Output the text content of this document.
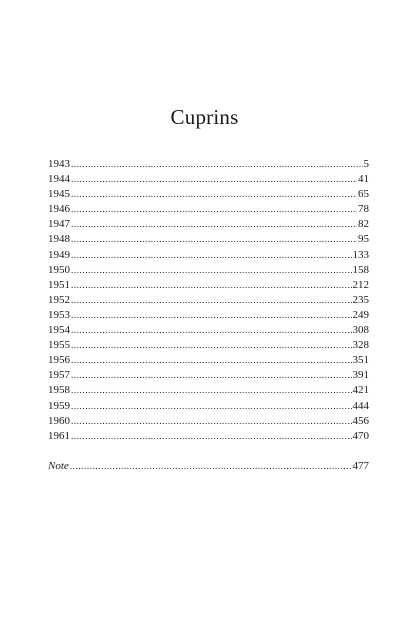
Cuprins
1943 .....	5
1944 .....	41
1945 .....	65
1946 .....	78
1947 .....	82
1948 .....	95
1949 .....	133
1950 .....	158
1951 .....	212
1952 .....	235
1953 .....	249
1954 .....	308
1955 .....	328
1956 .....	351
1957 .....	391
1958 .....	421
1959 .....	444
1960 .....	456
1961 .....	470
Note .....	477
